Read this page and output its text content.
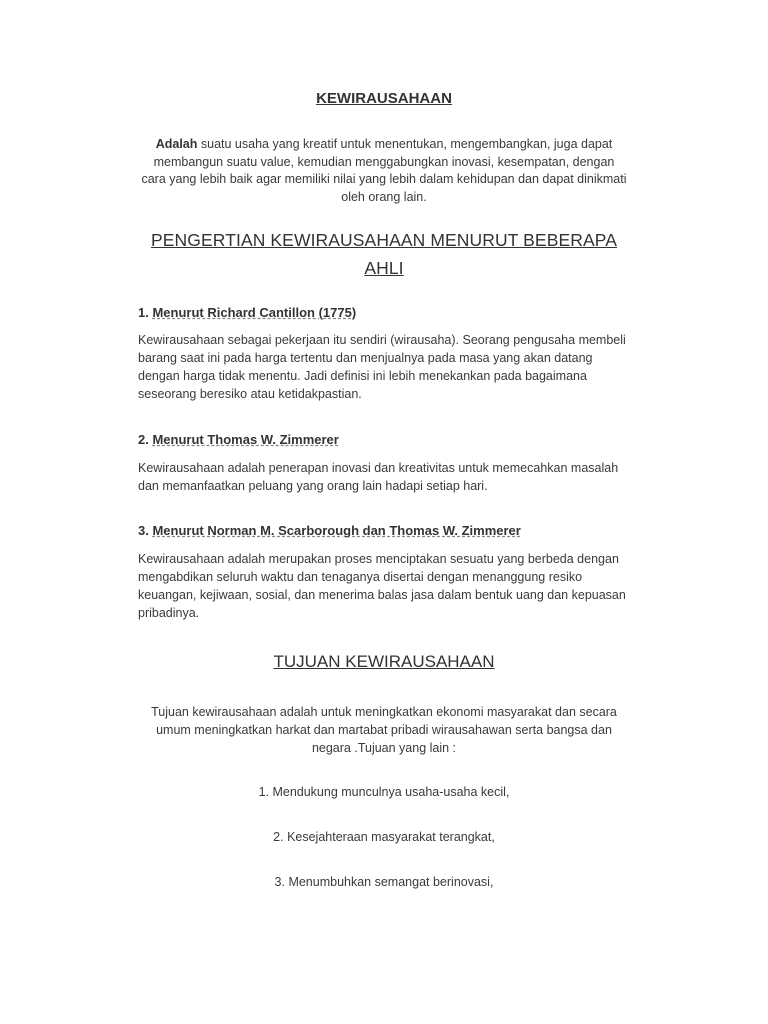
KEWIRAUSAHAAN
Adalah suatu usaha yang kreatif untuk menentukan, mengembangkan, juga dapat membangun suatu value, kemudian menggabungkan inovasi, kesempatan, dengan cara yang lebih baik agar memiliki nilai yang lebih dalam kehidupan dan dapat dinikmati oleh orang lain.
PENGERTIAN KEWIRAUSAHAAN MENURUT BEBERAPA AHLI
1. Menurut Richard Cantillon (1775)
Kewirausahaan sebagai pekerjaan itu sendiri (wirausaha). Seorang pengusaha membeli barang saat ini pada harga tertentu dan menjualnya pada masa yang akan datang dengan harga tidak menentu. Jadi definisi ini lebih menekankan pada bagaimana seseorang beresiko atau ketidakpastian.
2. Menurut Thomas W. Zimmerer
Kewirausahaan adalah penerapan inovasi dan kreativitas untuk memecahkan masalah dan memanfaatkan peluang yang orang lain hadapi setiap hari.
3. Menurut Norman M. Scarborough dan Thomas W. Zimmerer
Kewirausahaan adalah merupakan proses menciptakan sesuatu yang berbeda dengan mengabdikan seluruh waktu dan tenaganya disertai dengan menanggung resiko keuangan, kejiwaan, sosial, dan menerima balas jasa dalam bentuk uang dan kepuasan pribadinya.
TUJUAN KEWIRAUSAHAAN
Tujuan kewirausahaan adalah untuk meningkatkan ekonomi masyarakat dan secara umum meningkatkan harkat dan martabat pribadi wirausahawan serta bangsa dan negara .Tujuan yang lain :
1. Mendukung munculnya usaha-usaha kecil,
2. Kesejahteraan masyarakat terangkat,
3. Menumbuhkan semangat berinovasi,
